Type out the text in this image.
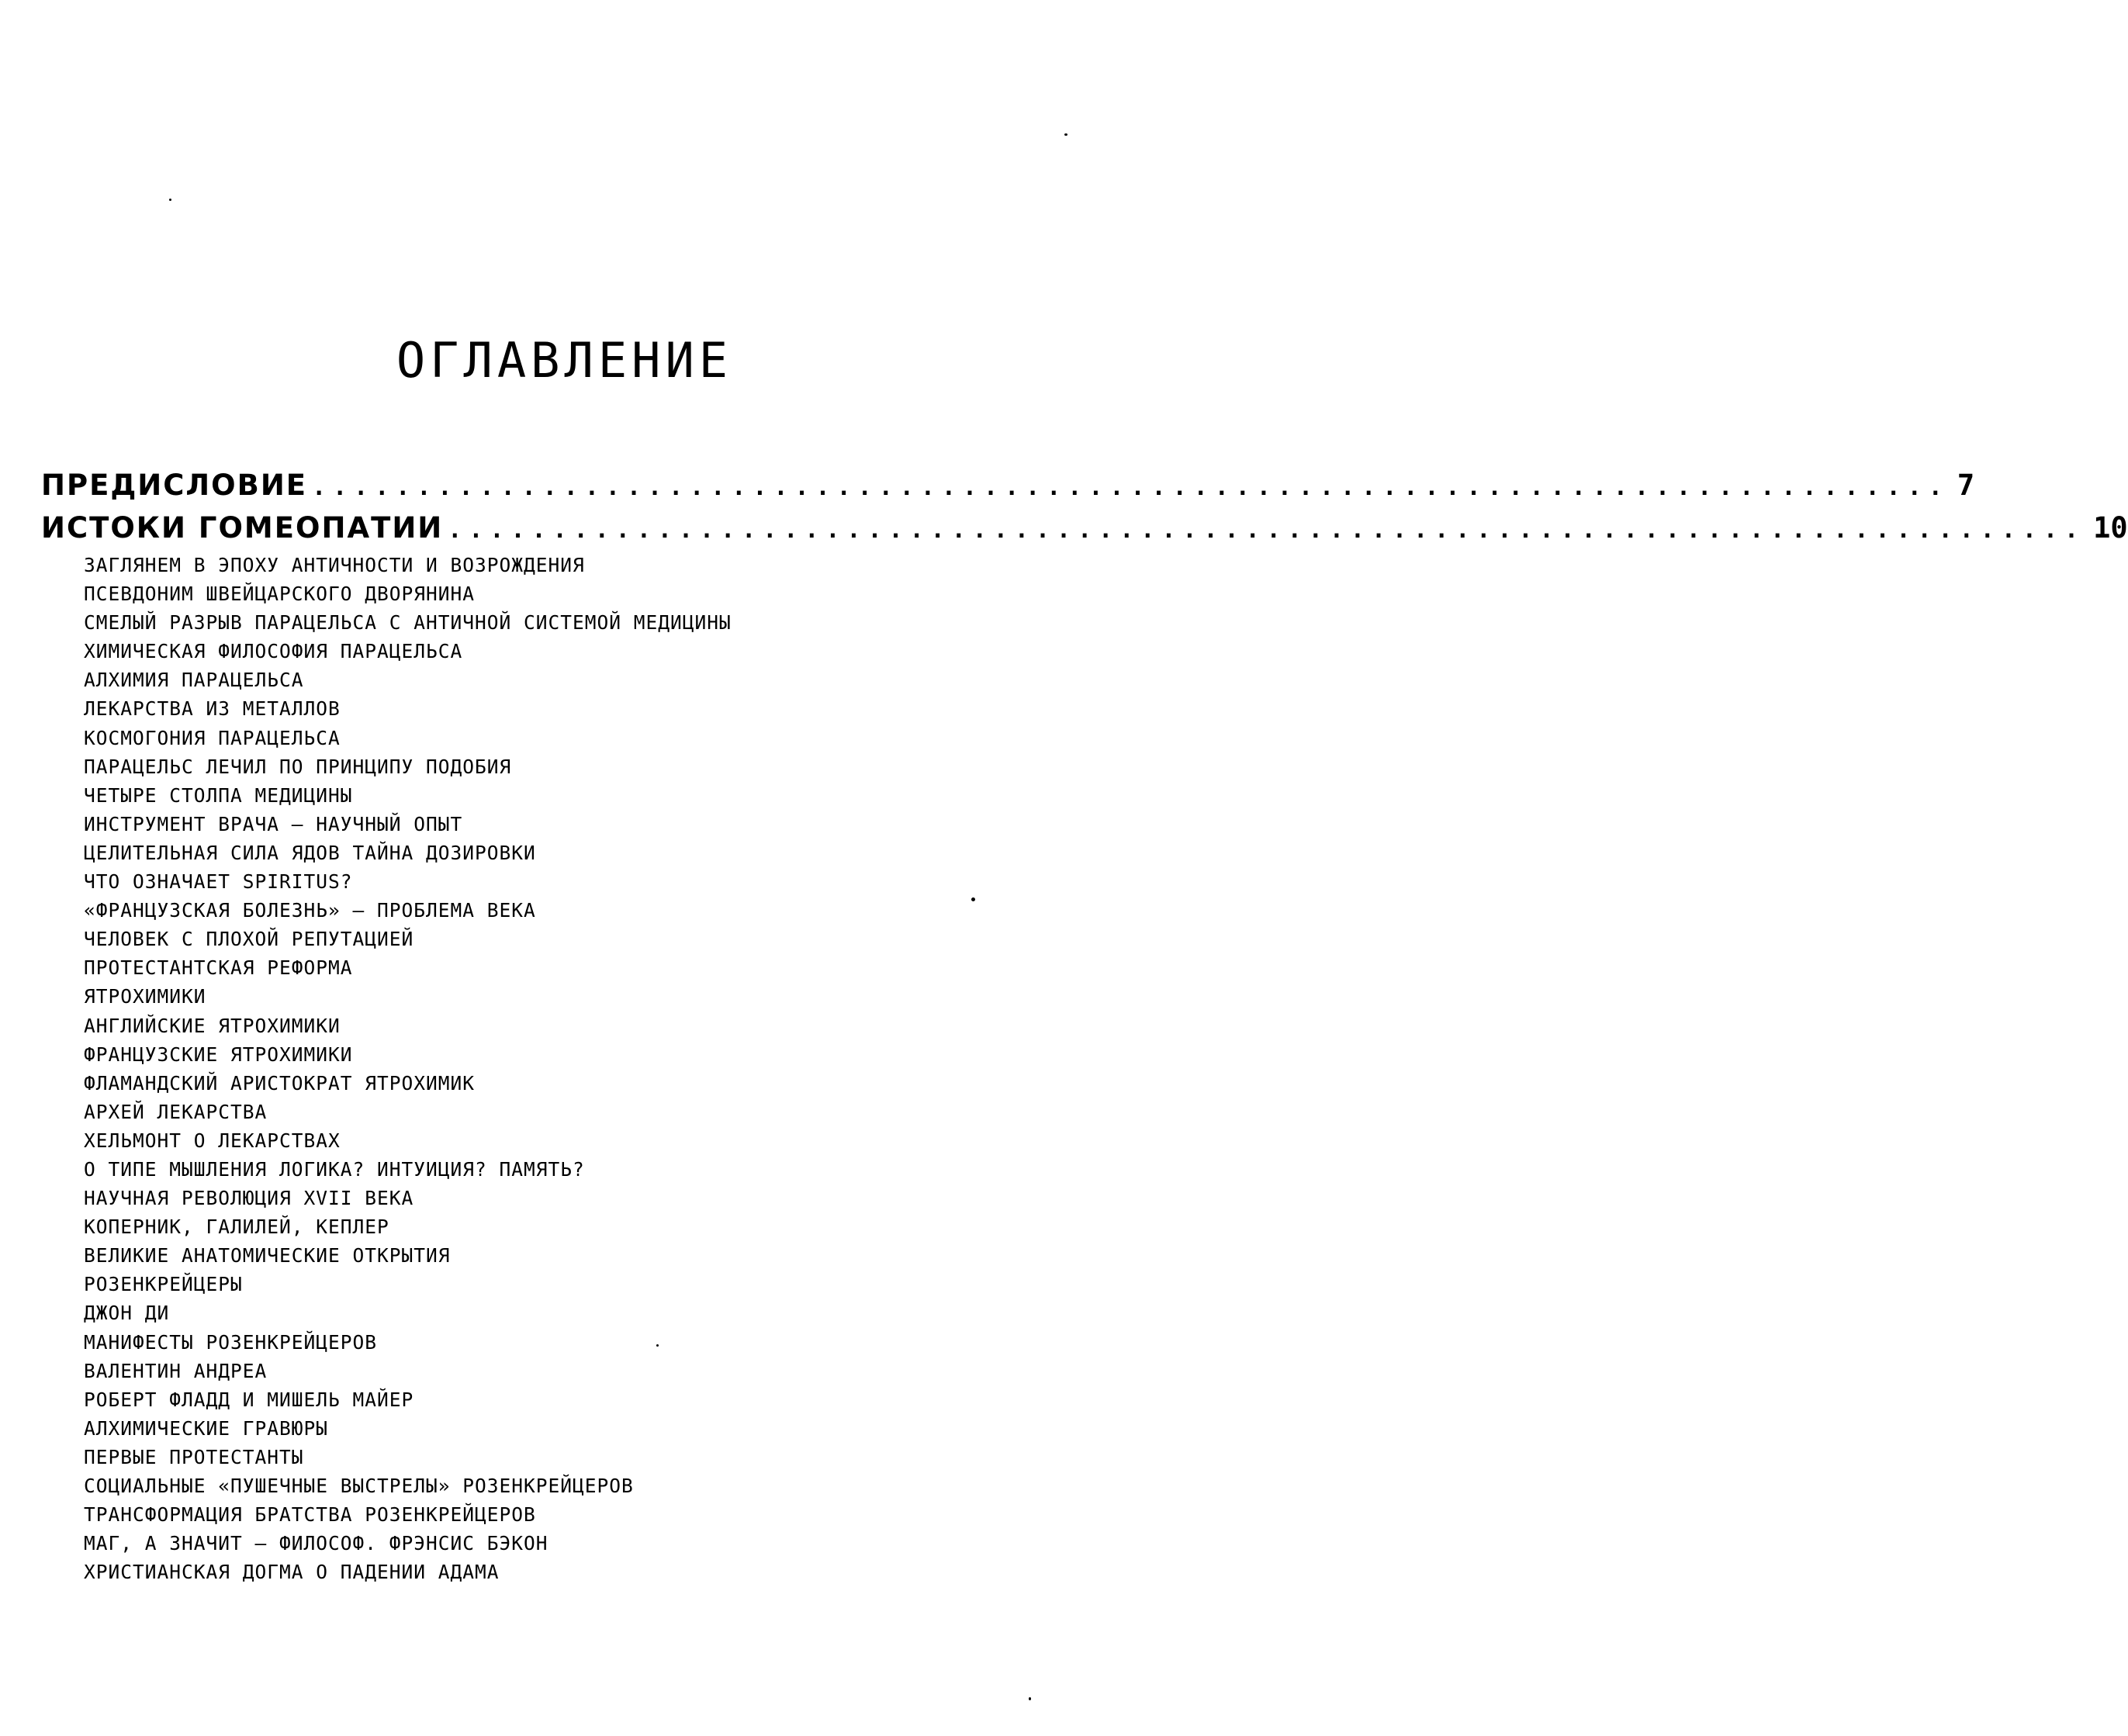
ОГЛАВЛЕНИЕ
ПРЕДИСЛОВИЕ .............................................................................. 7
ИСТОКИ ГОМЕОПАТИИ .............................................................................. 10
ЗАГЛЯНЕМ В ЭПОХУ АНТИЧНОСТИ И ВОЗРОЖДЕНИЯ
ПСЕВДОНИМ ШВЕЙЦАРСКОГО ДВОРЯНИНА
СМЕЛЫЙ РАЗРЫВ ПАРАЦЕЛЬСА С АНТИЧНОЙ СИСТЕМОЙ МЕДИЦИНЫ
ХИМИЧЕСКАЯ ФИЛОСОФИЯ ПАРАЦЕЛЬСА
АЛХИМИЯ ПАРАЦЕЛЬСА
ЛЕКАРСТВА ИЗ МЕТАЛЛОВ
КОСМОГОНИЯ ПАРАЦЕЛЬСА
ПАРАЦЕЛЬС ЛЕЧИЛ ПО ПРИНЦИПУ ПОДОБИЯ
ЧЕТЫРЕ СТОЛПА МЕДИЦИНЫ
ИНСТРУМЕНТ ВРАЧА – НАУЧНЫЙ ОПЫТ
ЦЕЛИТЕЛЬНАЯ СИЛА ЯДОВ ТАЙНА ДОЗИРОВКИ
ЧТО ОЗНАЧАЕТ SPIRITUS?
«ФРАНЦУЗСКАЯ БОЛЕЗНЬ» – ПРОБЛЕМА ВЕКА
ЧЕЛОВЕК С ПЛОХОЙ РЕПУТАЦИЕЙ
ПРОТЕСТАНТСКАЯ РЕФОРМА
ЯТРОХИМИКИ
АНГЛИЙСКИЕ ЯТРОХИМИКИ
ФРАНЦУЗСКИЕ ЯТРОХИМИКИ
ФЛАМАНДСКИЙ АРИСТОКРАТ ЯТРОХИМИК
АРХЕЙ ЛЕКАРСТВА
ХЕЛЬМОНТ О ЛЕКАРСТВАХ
О ТИПЕ МЫШЛЕНИЯ ЛОГИКА? ИНТУИЦИЯ? ПАМЯТЬ?
НАУЧНАЯ РЕВОЛЮЦИЯ XVII ВЕКА
КОПЕРНИК, ГАЛИЛЕЙ, КЕПЛЕР
ВЕЛИКИЕ АНАТОМИЧЕСКИЕ ОТКРЫТИЯ
РОЗЕНКРЕЙЦЕРЫ
ДЖОН ДИ
МАНИФЕСТЫ РОЗЕНКРЕЙЦЕРОВ
ВАЛЕНТИН АНДРЕА
РОБЕРТ ФЛАДД И МИШЕЛЬ МАЙЕР
АЛХИМИЧЕСКИЕ ГРАВЮРЫ
ПЕРВЫЕ ПРОТЕСТАНТЫ
СОЦИАЛЬНЫЕ «ПУШЕЧНЫЕ ВЫСТРЕЛЫ» РОЗЕНКРЕЙЦЕРОВ
ТРАНСФОРМАЦИЯ БРАТСТВА РОЗЕНКРЕЙЦЕРОВ
МАГ, А ЗНАЧИТ – ФИЛОСОФ. ФРЭНСИС БЭКОН
ХРИСТИАНСКАЯ ДОГМА О ПАДЕНИИ АДАМА
